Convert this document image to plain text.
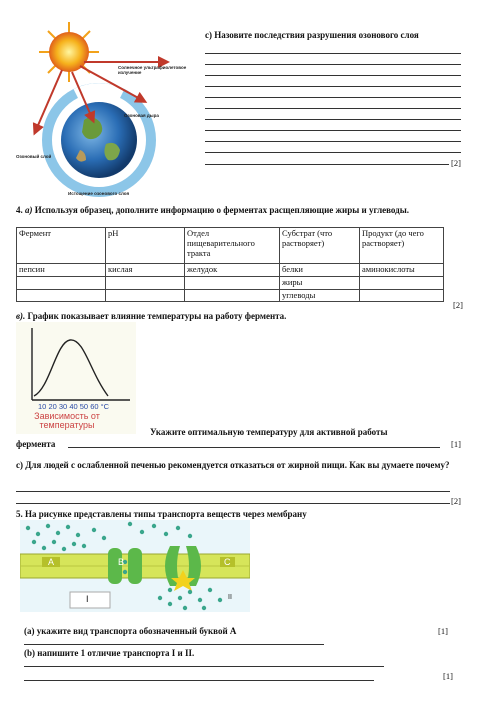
c) Назовите последствия разрушения озонового слоя
[2]
Солнечное ультрафиолетовое излучение
Озоновая дыра
Озоновый слой
Истощение озонового слоя
4. а) Используя образец, дополните информацию о ферментах расщепляющие жиры и углеводы.
Фермент	pH	Отдел пищеварительного тракта	Субстрат (что растворяет)	Продукт (до чего растворяет)
пепсин	кислая	желудок	белки	аминокислоты
			жиры	
			углеводы	
[2]
в). График показывает влияние температуры на работу фермента.
10 20 30 40 50 60 °С
Зависимость от температуры
Укажите оптимальную температуру для активной работы
фермента	[1]
c) Для людей с ослабленной печенью рекомендуется отказаться от жирной пищи. Как вы думаете почему?
[2]
5. На рисунке представлены типы транспорта веществ через мембрану
A	B	C
I	II
(а) укажите вид транспорта обозначенный буквой А	[1]
(b) напишите 1 отличие транспорта I и II.
[1]
